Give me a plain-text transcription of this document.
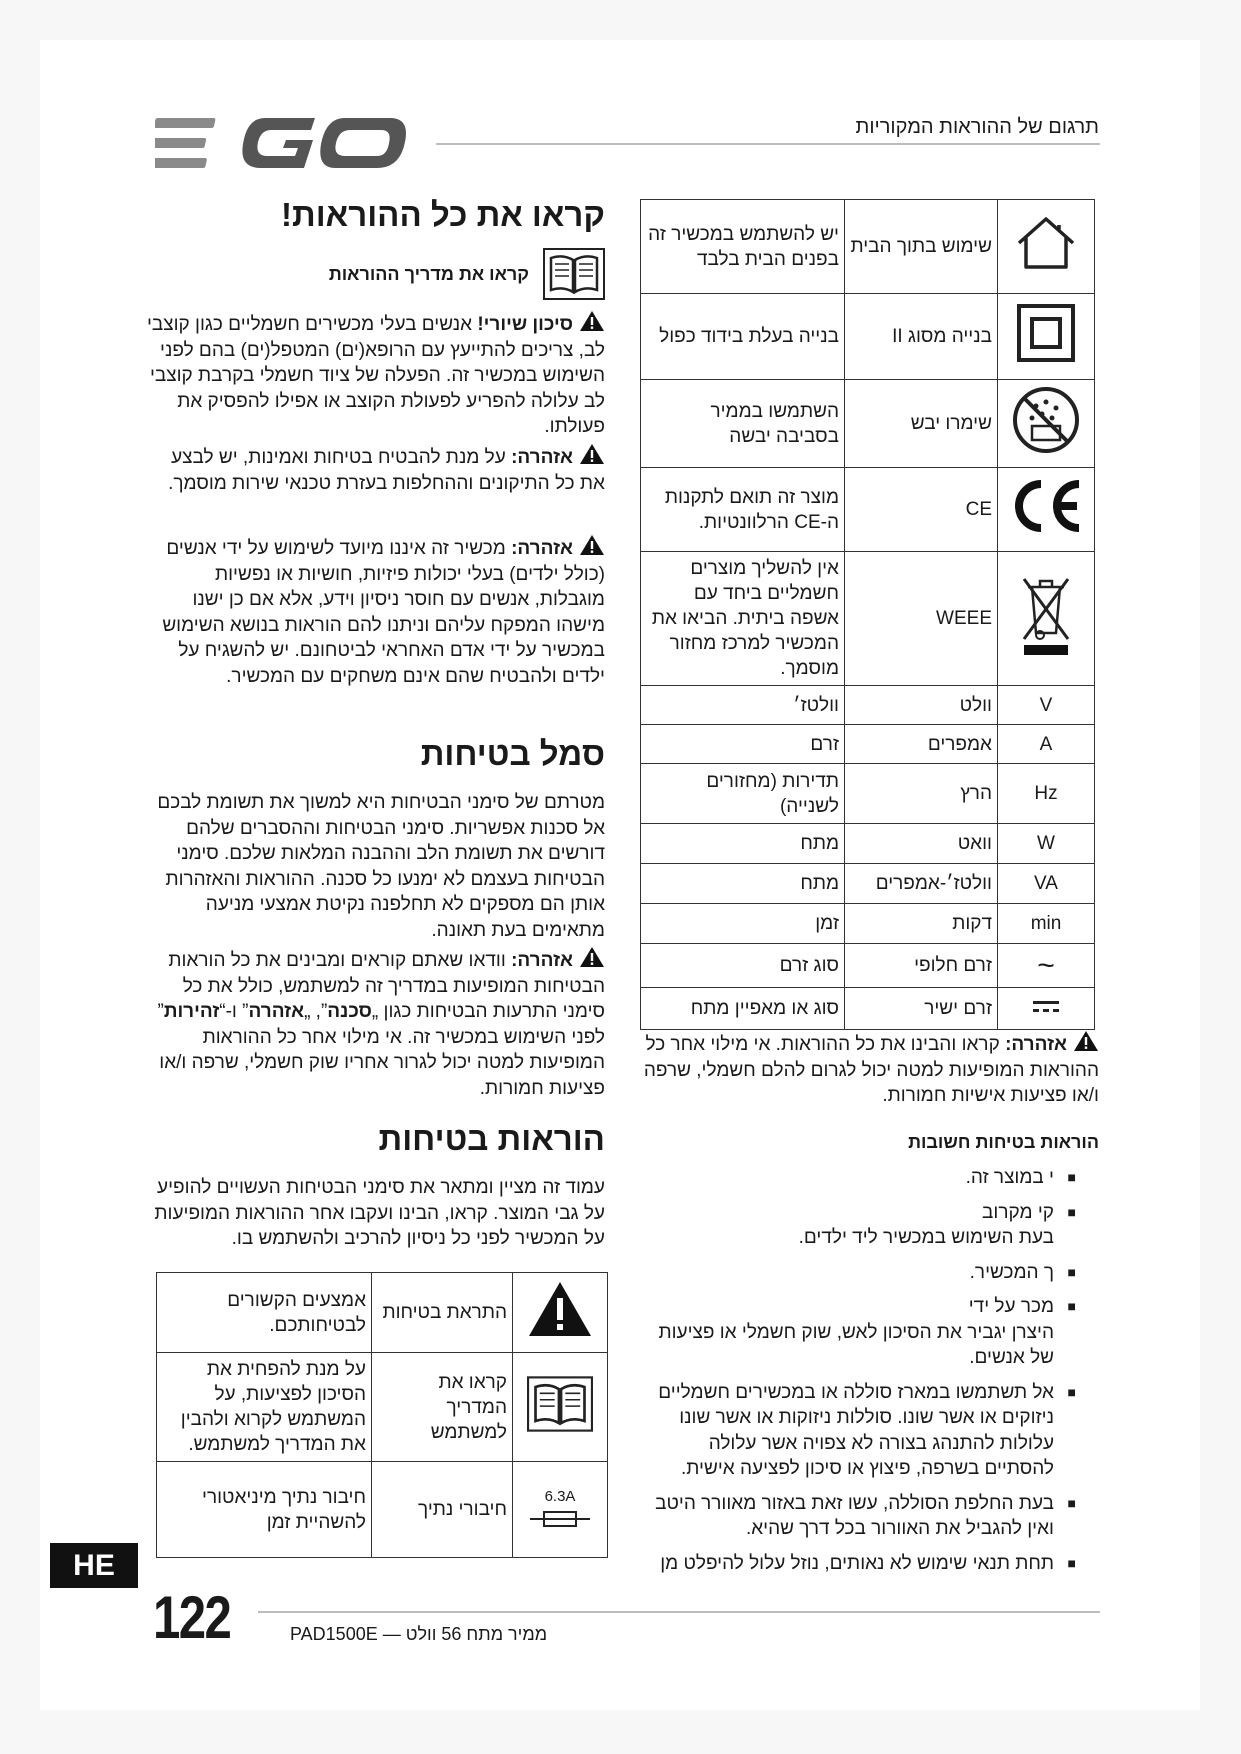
תרגום של ההוראות המקוריות
קראו את כל ההוראות!
קראו את מדריך ההוראות
סיכון שיורי! אנשים בעלי מכשירים חשמליים כגון קוצבי לב, צריכים להתייעץ עם הרופא(ים) המטפל(ים) בהם לפני השימוש במכשיר זה. הפעלה של ציוד חשמלי בקרבת קוצבי לב עלולה להפריע לפעולת הקוצב או אפילו להפסיק את פעולתו.
אזהרה: על מנת להבטיח בטיחות ואמינות, יש לבצע את כל התיקונים וההחלפות בעזרת טכנאי שירות מוסמך.
אזהרה: מכשיר זה איננו מיועד לשימוש על ידי אנשים (כולל ילדים) בעלי יכולות פיזיות, חושיות או נפשיות מוגבלות, אנשים עם חוסר ניסיון וידע, אלא אם כן ישנו מישהו המפקח עליהם וניתנו להם הוראות בנושא השימוש במכשיר על ידי אדם האחראי לביטחונם. יש להשגיח על ילדים ולהבטיח שהם אינם משחקים עם המכשיר.
סמל בטיחות
מטרתם של סימני הבטיחות היא למשוך את תשומת לבכם אל סכנות אפשריות. סימני הבטיחות וההסברים שלהם דורשים את תשומת הלב וההבנה המלאות שלכם. סימני הבטיחות בעצמם לא ימנעו כל סכנה. ההוראות והאזהרות אותן הם מספקים לא תחלפנה נקיטת אמצעי מניעה מתאימים בעת תאונה.
אזהרה: וודאו שאתם קוראים ומבינים את כל הוראות הבטיחות המופיעות במדריך זה למשתמש, כולל את כל סימני התרעות הבטיחות כגון „סכנה”, „אזהרה” ו-“זהירות” לפני השימוש במכשיר זה. אי מילוי אחר כל ההוראות המופיעות למטה יכול לגרור אחריו שוק חשמלי, שרפה ו/או פציעות חמורות.
הוראות בטיחות
עמוד זה מציין ומתאר את סימני הבטיחות העשויים להופיע על גבי המוצר. קראו, הבינו ועקבו אחר ההוראות המופיעות על המכשיר לפני כל ניסיון להרכיב ולהשתמש בו.
	התראת בטיחות	אמצעים הקשורים לבטיחותכם.
	קראו את המדריך למשתמש	על מנת להפחית את הסיכון לפציעות, על המשתמש לקרוא ולהבין את המדריך למשתמש.

6.3A	חיבורי נתיך	חיבור נתיך מיניאטורי להשהיית זמן
	שימוש בתוך הבית	יש להשתמש במכשיר זה בפנים הבית בלבד
	בנייה מסוג II	בנייה בעלת בידוד כפול
	שימרו יבש	השתמשו בממיר בסביבה יבשה
	CE	מוצר זה תואם לתקנות ה-CE הרלוונטיות.
	WEEE	אין להשליך מוצרים חשמליים ביחד עם אשפה ביתית. הביאו את המכשיר למרכז מחזור מוסמך.
V	וולט	וולטז׳
A	אמפרים	זרם
Hz	הרץ	תדירות (מחזורים לשנייה)
W	וואט	מתח
VA	וולטז׳-אמפרים	מתח
min	דקות	זמן
~	זרם חלופי	סוג זרם
	זרם ישיר	סוג או מאפיין מתח
אזהרה: קראו והבינו את כל ההוראות. אי מילוי אחר כל ההוראות המופיעות למטה יכול לגרום להלם חשמלי, שרפה ו/או פציעות אישיות חמורות.
הוראות בטיחות חשובות
■ י במוצר זה.
■ קי מקרוב
בעת השימוש במכשיר ליד ילדים.
■ ך המכשיר.
■ מכר על ידי
היצרן יגביר את הסיכון לאש, שוק חשמלי או פציעות של אנשים.
■ אל תשתמשו במארז סוללה או במכשירים חשמליים ניזוקים או אשר שונו. סוללות ניזוקות או אשר שונו עלולות להתנהג בצורה לא צפויה אשר עלולה להסתיים בשרפה, פיצוץ או סיכון לפציעה אישית.
■ בעת החלפת הסוללה, עשו זאת באזור מאוורר היטב ואין להגביל את האוורור בכל דרך שהיא.
■ תחת תנאי שימוש לא נאותים, נוזל עלול להיפלט מן
HE
122	PAD1500E — ממיר מתח 56 וולט
